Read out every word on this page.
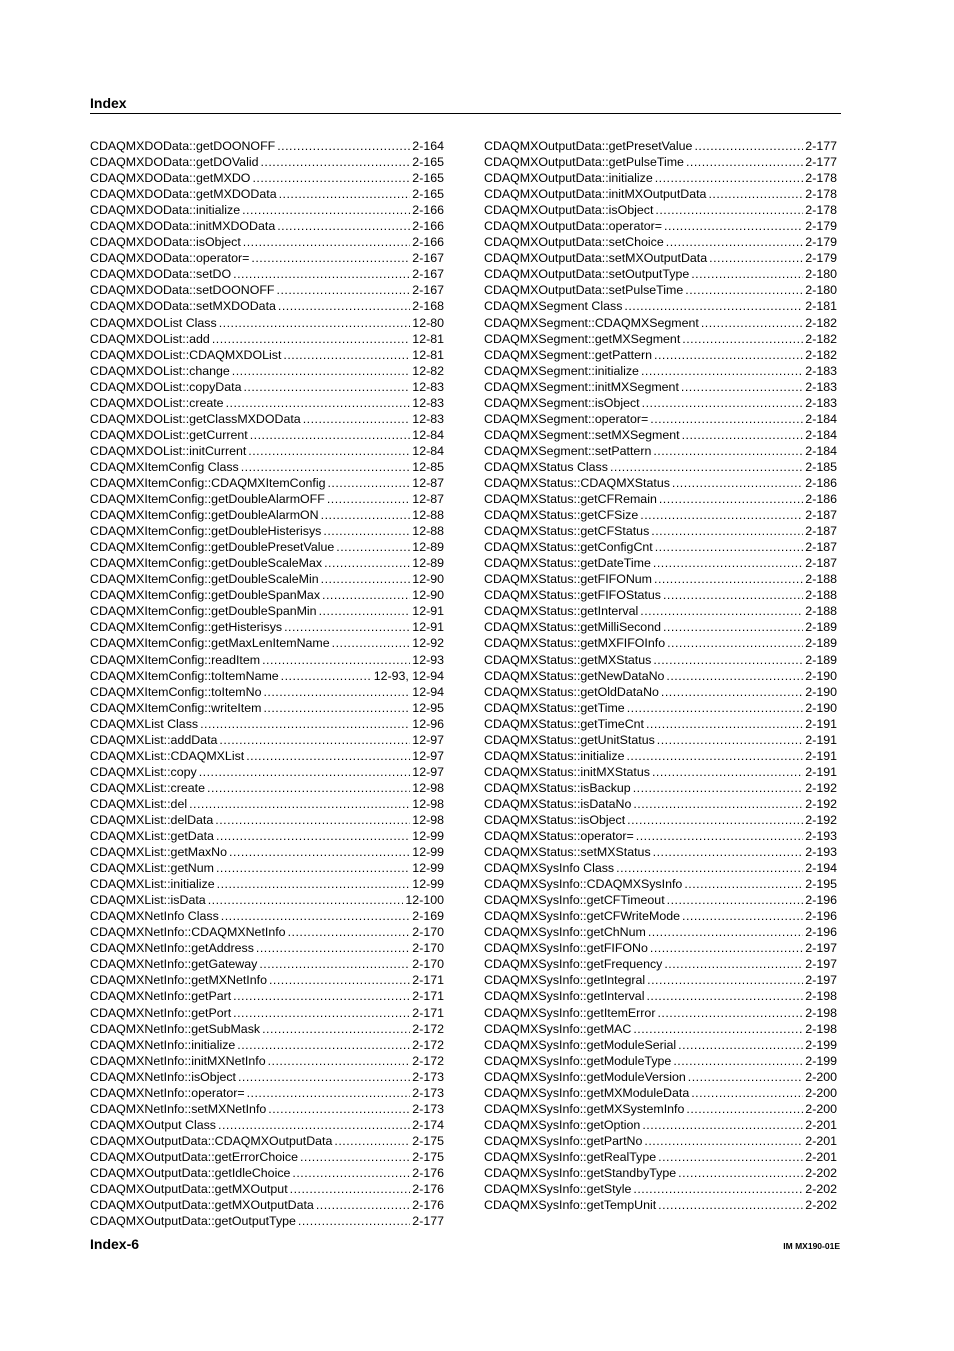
Index
CDAQMXDOData::getDOONOFF .....	2-164
CDAQMXDOData::getDOValid .....	2-165
CDAQMXDOData::getMXDO .....	2-165
CDAQMXDOData::getMXDOData .....	2-165
CDAQMXDOData::initialize .....	2-166
CDAQMXDOData::initMXDOData .....	2-166
CDAQMXDOData::isObject .....	2-166
CDAQMXDOData::operator= .....	2-167
CDAQMXDOData::setDO .....	2-167
CDAQMXDOData::setDOONOFF .....	2-167
CDAQMXDOData::setMXDOData .....	2-168
CDAQMXDOList Class .....	12-80
CDAQMXDOList::add .....	12-81
CDAQMXDOList::CDAQMXDOList .....	12-81
CDAQMXDOList::change .....	12-82
CDAQMXDOList::copyData .....	12-83
CDAQMXDOList::create .....	12-83
CDAQMXDOList::getClassMXDOData .....	12-83
CDAQMXDOList::getCurrent .....	12-84
CDAQMXDOList::initCurrent .....	12-84
CDAQMXItemConfig Class .....	12-85
CDAQMXItemConfig::CDAQMXItemConfig .....	12-87
CDAQMXItemConfig::getDoubleAlarmOFF .....	12-87
CDAQMXItemConfig::getDoubleAlarmON .....	12-88
CDAQMXItemConfig::getDoubleHisterisys .....	12-88
CDAQMXItemConfig::getDoublePresetValue .....	12-89
CDAQMXItemConfig::getDoubleScaleMax .....	12-89
CDAQMXItemConfig::getDoubleScaleMin .....	12-90
CDAQMXItemConfig::getDoubleSpanMax .....	12-90
CDAQMXItemConfig::getDoubleSpanMin .....	12-91
CDAQMXItemConfig::getHisterisys .....	12-91
CDAQMXItemConfig::getMaxLenItemName .....	12-92
CDAQMXItemConfig::readItem .....	12-93
CDAQMXItemConfig::toItemName .....	12-93, 12-94
CDAQMXItemConfig::toItemNo .....	12-94
CDAQMXItemConfig::writeItem .....	12-95
CDAQMXList Class .....	12-96
CDAQMXList::addData .....	12-97
CDAQMXList::CDAQMXList .....	12-97
CDAQMXList::copy .....	12-97
CDAQMXList::create .....	12-98
CDAQMXList::del .....	12-98
CDAQMXList::delData .....	12-98
CDAQMXList::getData .....	12-99
CDAQMXList::getMaxNo .....	12-99
CDAQMXList::getNum .....	12-99
CDAQMXList::initialize .....	12-99
CDAQMXList::isData .....	12-100
CDAQMXNetInfo Class .....	2-169
CDAQMXNetInfo::CDAQMXNetInfo .....	2-170
CDAQMXNetInfo::getAddress .....	2-170
CDAQMXNetInfo::getGateway .....	2-170
CDAQMXNetInfo::getMXNetInfo .....	2-171
CDAQMXNetInfo::getPart .....	2-171
CDAQMXNetInfo::getPort .....	2-171
CDAQMXNetInfo::getSubMask .....	2-172
CDAQMXNetInfo::initialize .....	2-172
CDAQMXNetInfo::initMXNetInfo .....	2-172
CDAQMXNetInfo::isObject .....	2-173
CDAQMXNetInfo::operator= .....	2-173
CDAQMXNetInfo::setMXNetInfo .....	2-173
CDAQMXOutput Class .....	2-174
CDAQMXOutputData::CDAQMXOutputData .....	2-175
CDAQMXOutputData::getErrorChoice .....	2-175
CDAQMXOutputData::getIdleChoice .....	2-176
CDAQMXOutputData::getMXOutput .....	2-176
CDAQMXOutputData::getMXOutputData .....	2-176
CDAQMXOutputData::getOutputType .....	2-177
CDAQMXOutputData::getPresetValue .....	2-177
CDAQMXOutputData::getPulseTime .....	2-177
CDAQMXOutputData::initialize .....	2-178
CDAQMXOutputData::initMXOutputData .....	2-178
CDAQMXOutputData::isObject .....	2-178
CDAQMXOutputData::operator= .....	2-179
CDAQMXOutputData::setChoice .....	2-179
CDAQMXOutputData::setMXOutputData .....	2-179
CDAQMXOutputData::setOutputType .....	2-180
CDAQMXOutputData::setPulseTime .....	2-180
CDAQMXSegment Class .....	2-181
CDAQMXSegment::CDAQMXSegment .....	2-182
CDAQMXSegment::getMXSegment .....	2-182
CDAQMXSegment::getPattern .....	2-182
CDAQMXSegment::initialize .....	2-183
CDAQMXSegment::initMXSegment .....	2-183
CDAQMXSegment::isObject .....	2-183
CDAQMXSegment::operator= .....	2-184
CDAQMXSegment::setMXSegment .....	2-184
CDAQMXSegment::setPattern .....	2-184
CDAQMXStatus Class .....	2-185
CDAQMXStatus::CDAQMXStatus .....	2-186
CDAQMXStatus::getCFRemain .....	2-186
CDAQMXStatus::getCFSize .....	2-187
CDAQMXStatus::getCFStatus .....	2-187
CDAQMXStatus::getConfigCnt .....	2-187
CDAQMXStatus::getDateTime .....	2-187
CDAQMXStatus::getFIFONum .....	2-188
CDAQMXStatus::getFIFOStatus .....	2-188
CDAQMXStatus::getInterval .....	2-188
CDAQMXStatus::getMilliSecond .....	2-189
CDAQMXStatus::getMXFIFOInfo .....	2-189
CDAQMXStatus::getMXStatus .....	2-189
CDAQMXStatus::getNewDataNo .....	2-190
CDAQMXStatus::getOldDataNo .....	2-190
CDAQMXStatus::getTime .....	2-190
CDAQMXStatus::getTimeCnt .....	2-191
CDAQMXStatus::getUnitStatus .....	2-191
CDAQMXStatus::initialize .....	2-191
CDAQMXStatus::initMXStatus .....	2-191
CDAQMXStatus::isBackup .....	2-192
CDAQMXStatus::isDataNo .....	2-192
CDAQMXStatus::isObject .....	2-192
CDAQMXStatus::operator= .....	2-193
CDAQMXStatus::setMXStatus .....	2-193
CDAQMXSysInfo Class .....	2-194
CDAQMXSysInfo::CDAQMXSysInfo .....	2-195
CDAQMXSysInfo::getCFTimeout .....	2-196
CDAQMXSysInfo::getCFWriteMode .....	2-196
CDAQMXSysInfo::getChNum .....	2-196
CDAQMXSysInfo::getFIFONo .....	2-197
CDAQMXSysInfo::getFrequency .....	2-197
CDAQMXSysInfo::getIntegral .....	2-197
CDAQMXSysInfo::getInterval .....	2-198
CDAQMXSysInfo::getItemError .....	2-198
CDAQMXSysInfo::getMAC .....	2-198
CDAQMXSysInfo::getModuleSerial .....	2-199
CDAQMXSysInfo::getModuleType .....	2-199
CDAQMXSysInfo::getModuleVersion .....	2-200
CDAQMXSysInfo::getMXModuleData .....	2-200
CDAQMXSysInfo::getMXSystemInfo .....	2-200
CDAQMXSysInfo::getOption .....	2-201
CDAQMXSysInfo::getPartNo .....	2-201
CDAQMXSysInfo::getRealType .....	2-201
CDAQMXSysInfo::getStandbyType .....	2-202
CDAQMXSysInfo::getStyle .....	2-202
CDAQMXSysInfo::getTempUnit .....	2-202
Index-6	IM MX190-01E
